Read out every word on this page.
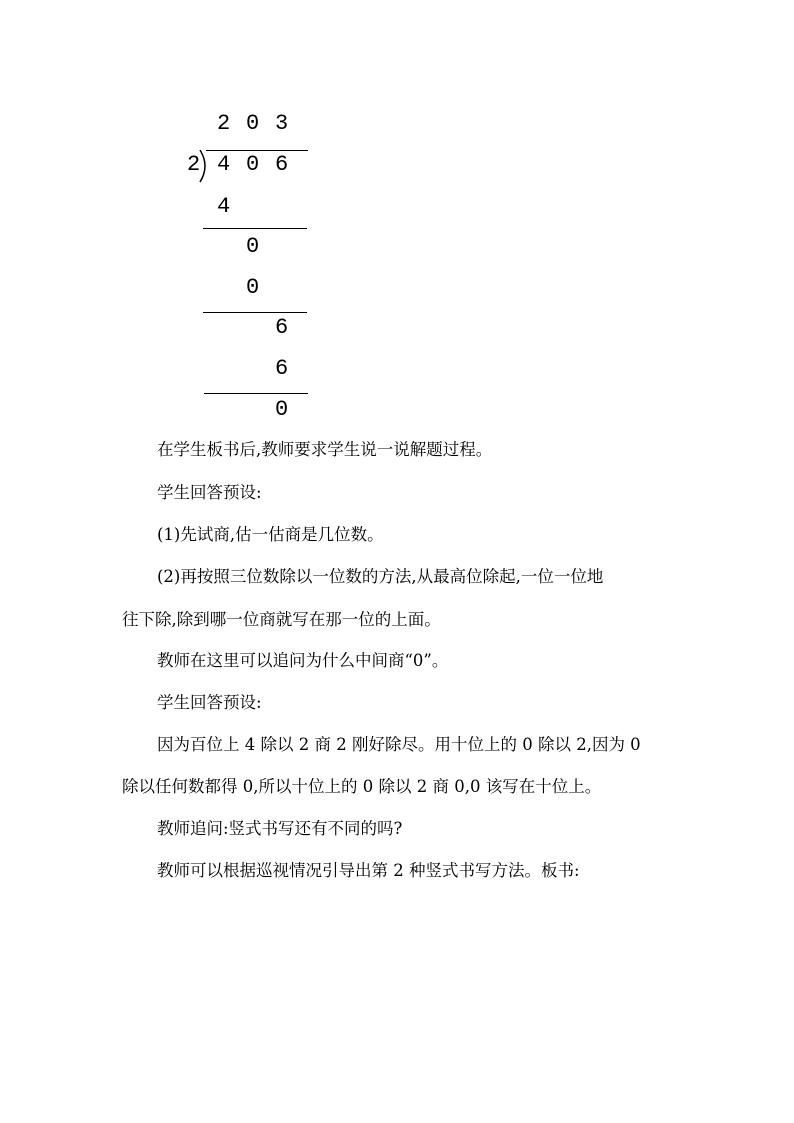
2 0 3
2 4 0 6
4
0
0
6
6
0

在学生板书后,教师要求学生说一说解题过程。

学生回答预设:

(1)先试商,估一估商是几位数。

(2)再按照三位数除以一位数的方法,从最高位除起,一位一位地

往下除,除到哪一位商就写在那一位的上面。

教师在这里可以追问为什么中间商“0”。

学生回答预设:

因为百位上 4 除以 2 商 2 刚好除尽。用十位上的 0 除以 2,因为 0

除以任何数都得 0,所以十位上的 0 除以 2 商 0,0 该写在十位上。

教师追问:竖式书写还有不同的吗?

教师可以根据巡视情况引导出第 2 种竖式书写方法。板书:
